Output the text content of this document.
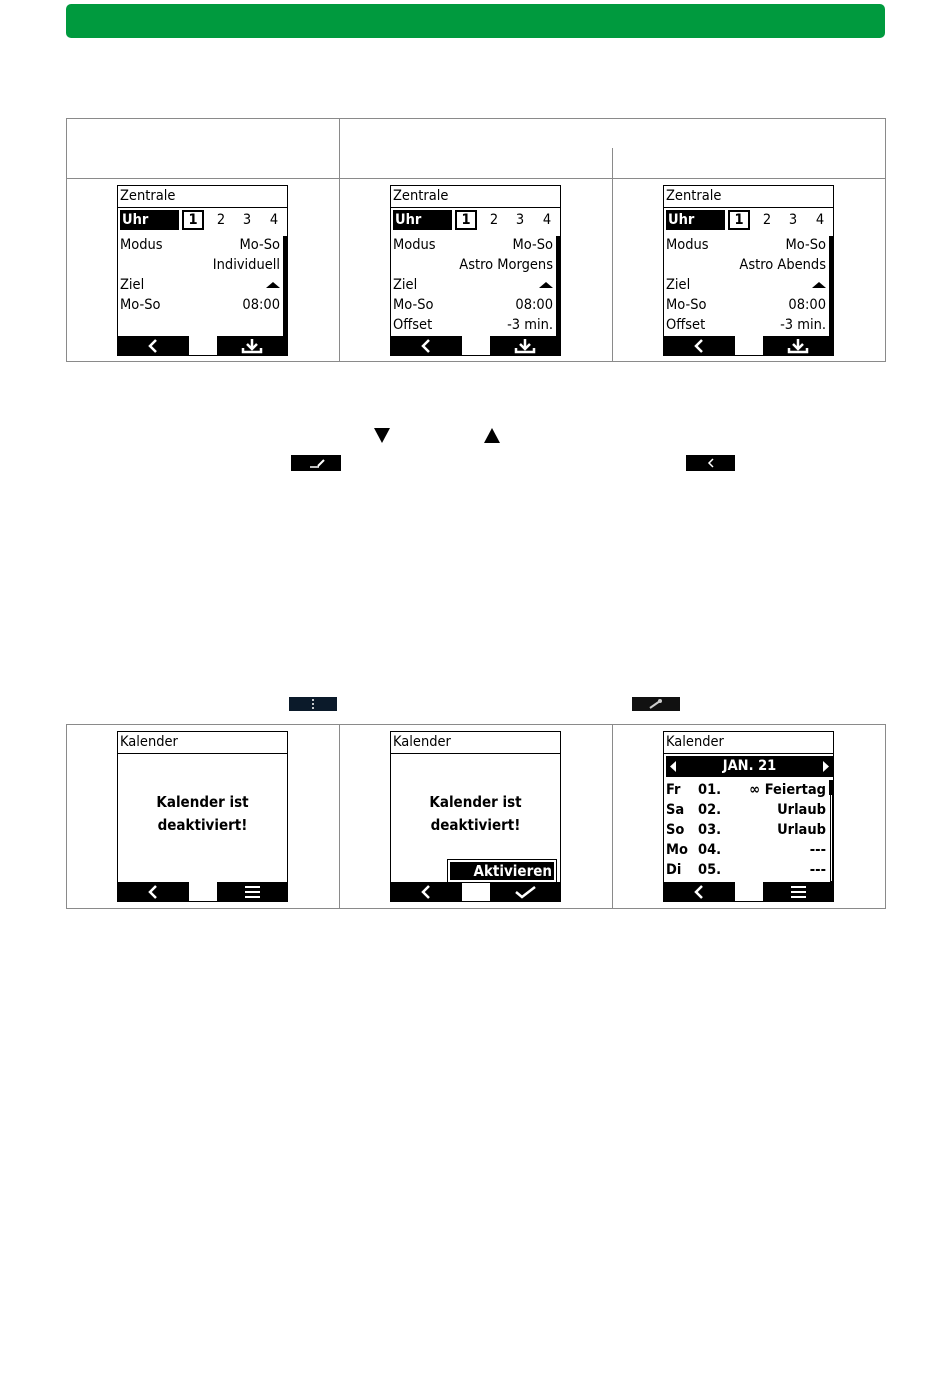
Zentrale
Uhr	1	2	3	4
Modus	Mo-So
Individuell
Ziel
Mo-So	08:00
Zentrale
Uhr	1	2	3	4
Modus	Mo-So
Astro Morgens
Ziel
Mo-So	08:00
Offset	-3 min.
Zentrale
Uhr	1	2	3	4
Modus	Mo-So
Astro Abends
Ziel
Mo-So	08:00
Offset	-3 min.
Kalender
Kalender ist
deaktiviert!
Kalender
Kalender ist
deaktiviert!
Aktivieren
Kalender
JAN. 21
Fr 01. ∞ Feiertag
Sa 02.	Urlaub
So 03.	Urlaub
Mo 04.	---
Di 05.	---
